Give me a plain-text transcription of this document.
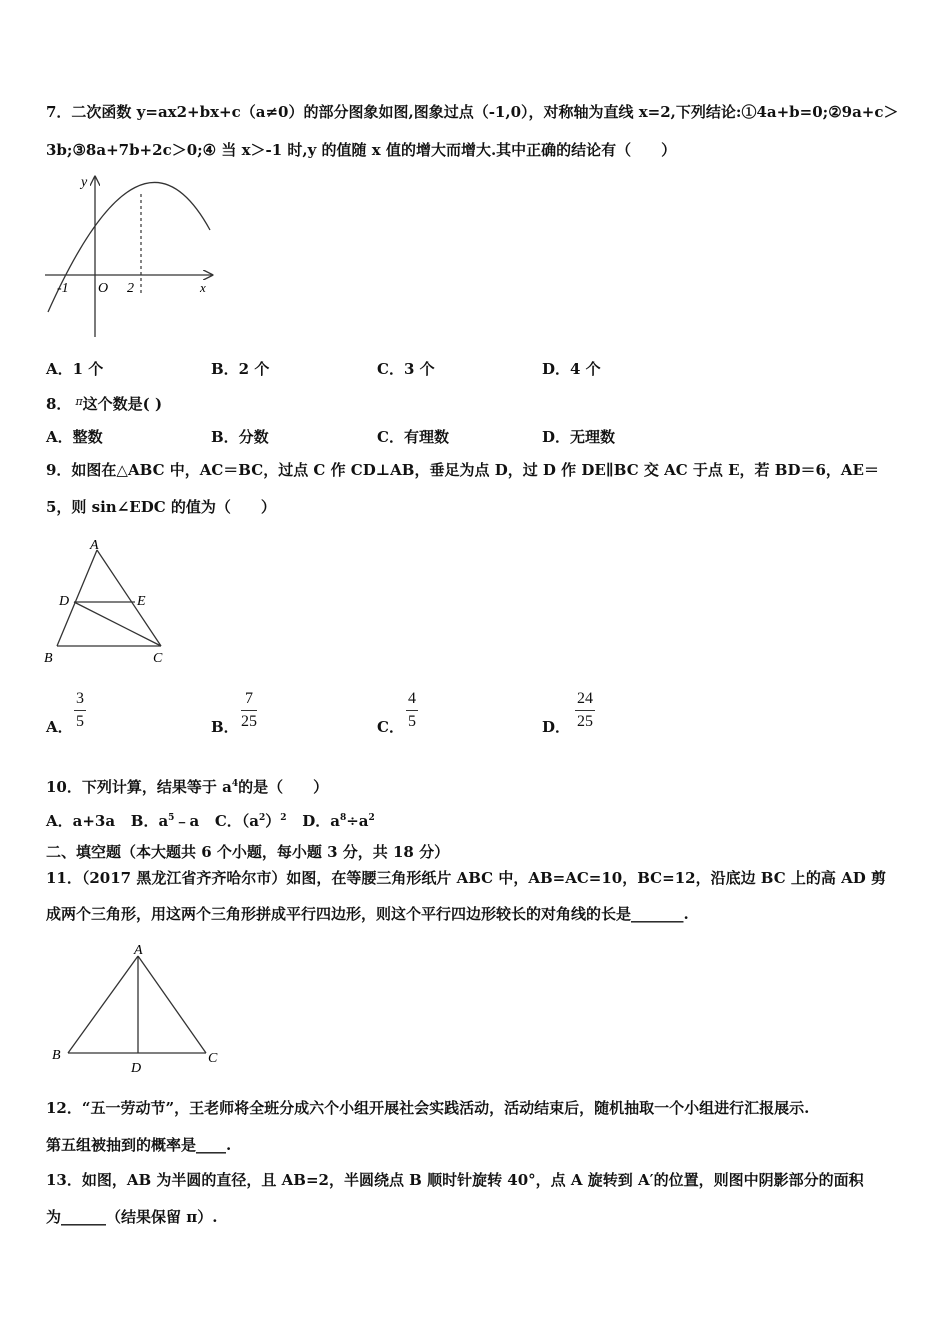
7．二次函数 y=ax2+bx+c（a≠0）的部分图象如图,图象过点（-1,0），对称轴为直线 x=2,下列结论:①4a+b=0;②9a+c＞
3b;③8a+7b+2c＞0;④ 当 x＞-1 时,y 的值随 x 值的增大而增大.其中正确的结论有（　　）
y
x
O
-1	2
A．1 个	B．2 个	C．3 个	D．4 个
8． $^\pi$这个数是( )
A．整数	B．分数	C．有理数	D．无理数
9．如图在△ABC 中，AC＝BC，过点 C 作 CD⊥AB，垂足为点 D，过 D 作 DE∥BC 交 AC 于点 E，若 BD＝6，AE＝
5，则 sin∠EDC 的值为（　　）
A
D	E
B	C
A．
3
5	B．
7
25	C．
4
5	D．
24
25
10．下列计算，结果等于 $a^4$的是（　　）
A．a+3a B．$a^5﹣a$ C．$(a^2)^2$ D．$a^8\div a^2$
二、填空题（本大题共 6 个小题，每小题 3 分，共 18 分）
11．（2017 黑龙江省齐齐哈尔市）如图，在等腰三角形纸片 ABC 中，AB=AC=10，BC=12，沿底边 BC 上的高 AD 剪
成两个三角形，用这两个三角形拼成平行四边形，则这个平行四边形较长的对角线的长是_______.
A
B
D
C
12．“五一劳动节”，王老师将全班分成六个小组开展社会实践活动，活动结束后，随机抽取一个小组进行汇报展示.
第五组被抽到的概率是____.
13．如图，AB 为半圆的直径，且 AB=2，半圆绕点 B 顺时针旋转 40°，点 A 旋转到 A′的位置，则图中阴影部分的面积
为______（结果保留 π）.
